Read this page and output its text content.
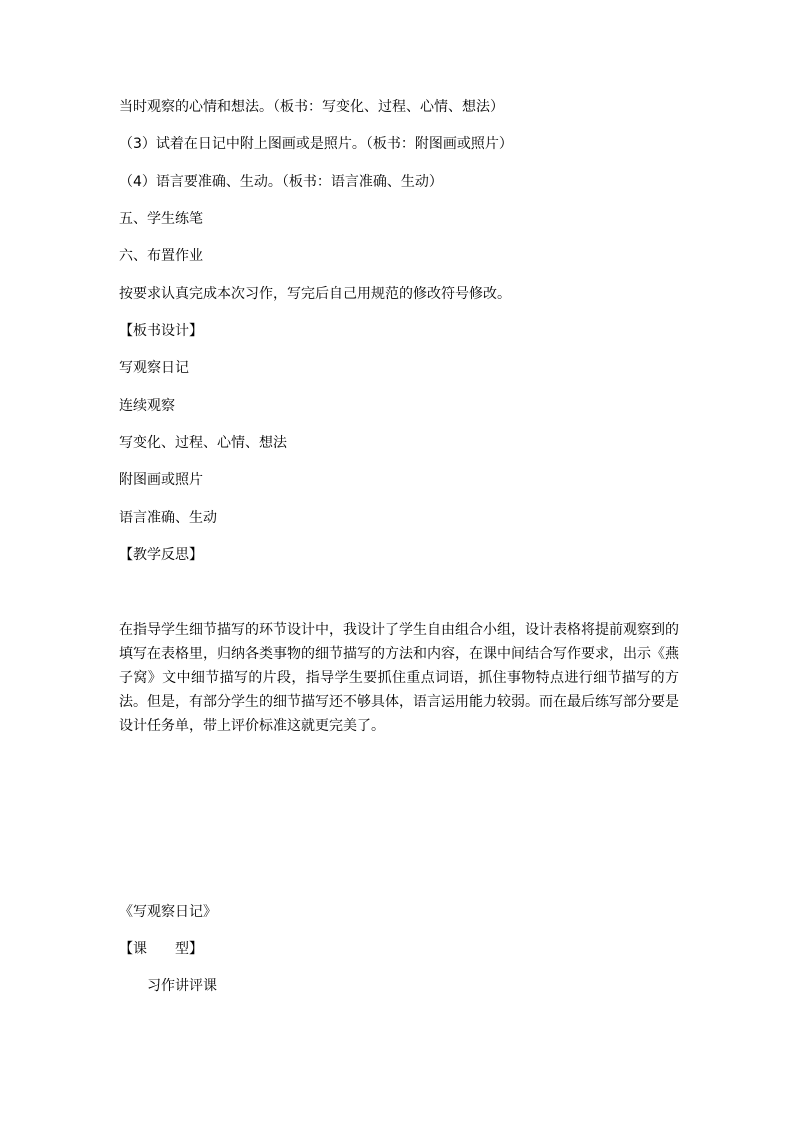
当时观察的心情和想法。（板书：写变化、过程、心情、想法）
（3）试着在日记中附上图画或是照片。（板书：附图画或照片）
（4）语言要准确、生动。（板书：语言准确、生动）
五、学生练笔
六、布置作业
按要求认真完成本次习作，写完后自己用规范的修改符号修改。
【板书设计】
写观察日记
连续观察
写变化、过程、心情、想法
附图画或照片
语言准确、生动
【教学反思】
在指导学生细节描写的环节设计中，我设计了学生自由组合小组，设计表格将提前观察到的填写在表格里，归纳各类事物的细节描写的方法和内容，在课中间结合写作要求，出示《燕子窝》文中细节描写的片段，指导学生要抓住重点词语，抓住事物特点进行细节描写的方法。但是，有部分学生的细节描写还不够具体，语言运用能力较弱。而在最后练写部分要是设计任务单，带上评价标准这就更完美了。
《写观察日记》
【课　　型】
习作讲评课
